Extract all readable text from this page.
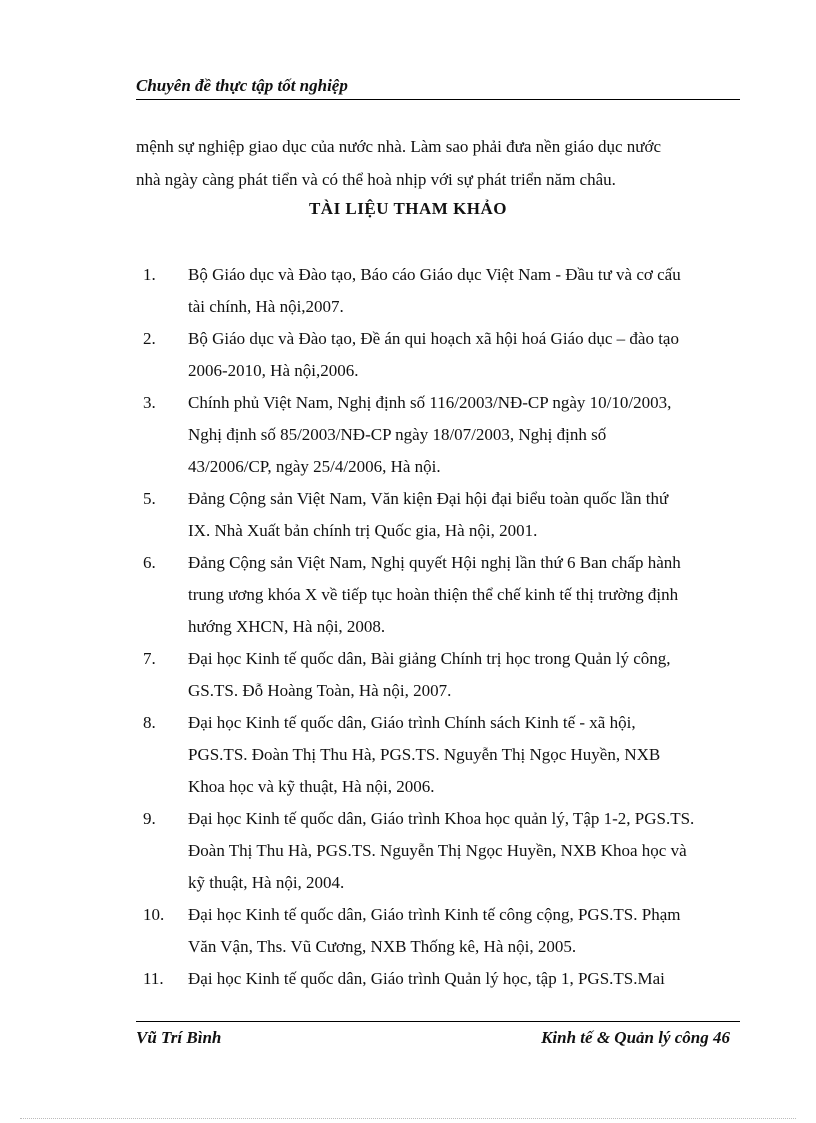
Chuyên đề thực tập tốt nghiệp
mệnh sự nghiệp giao dục của nước nhà. Làm sao phải đưa nền giáo dục nước
nhà ngày càng phát tiển và có thể hoà nhịp với sự phát triển năm châu.
TÀI LIỆU THAM KHẢO
1. Bộ Giáo dục và Đào tạo, Báo cáo Giáo dục Việt Nam - Đầu tư và cơ cấu
tài chính, Hà nội,2007.
2. Bộ Giáo dục và Đào tạo, Đề án qui hoạch xã hội hoá Giáo dục – đào tạo
2006-2010, Hà nội,2006.
3. Chính phủ Việt Nam, Nghị định số 116/2003/NĐ-CP ngày 10/10/2003,
Nghị định số 85/2003/NĐ-CP ngày 18/07/2003, Nghị định số
43/2006/CP, ngày 25/4/2006, Hà nội.
5. Đảng Cộng sản Việt Nam, Văn kiện Đại hội đại biểu toàn quốc lần thứ
IX. Nhà Xuất bản chính trị Quốc gia, Hà nội, 2001.
6. Đảng Cộng sản Việt Nam, Nghị quyết Hội nghị lần thứ 6 Ban chấp hành
trung ương khóa X về tiếp tục hoàn thiện thể chế kinh tế thị trường định
hướng XHCN, Hà nội, 2008.
7. Đại học Kinh tế quốc dân, Bài giảng Chính trị học trong Quản lý công,
GS.TS. Đỗ Hoàng Toàn, Hà nội, 2007.
8. Đại học Kinh tế quốc dân, Giáo trình Chính sách Kinh tế - xã hội,
PGS.TS. Đoàn Thị Thu Hà, PGS.TS. Nguyễn Thị Ngọc Huyền, NXB
Khoa học và kỹ thuật, Hà nội, 2006.
9. Đại học Kinh tế quốc dân, Giáo trình Khoa học quản lý, Tập 1-2, PGS.TS.
Đoàn Thị Thu Hà, PGS.TS. Nguyễn Thị Ngọc Huyền, NXB Khoa học và
kỹ thuật, Hà nội, 2004.
10. Đại học Kinh tế quốc dân, Giáo trình Kinh tế công cộng, PGS.TS. Phạm
Văn Vận, Ths. Vũ Cương, NXB Thống kê, Hà nội, 2005.
11. Đại học Kinh tế quốc dân, Giáo trình Quản lý học, tập 1, PGS.TS.Mai
Vũ Trí Bình	Kinh tế & Quản lý công 46
